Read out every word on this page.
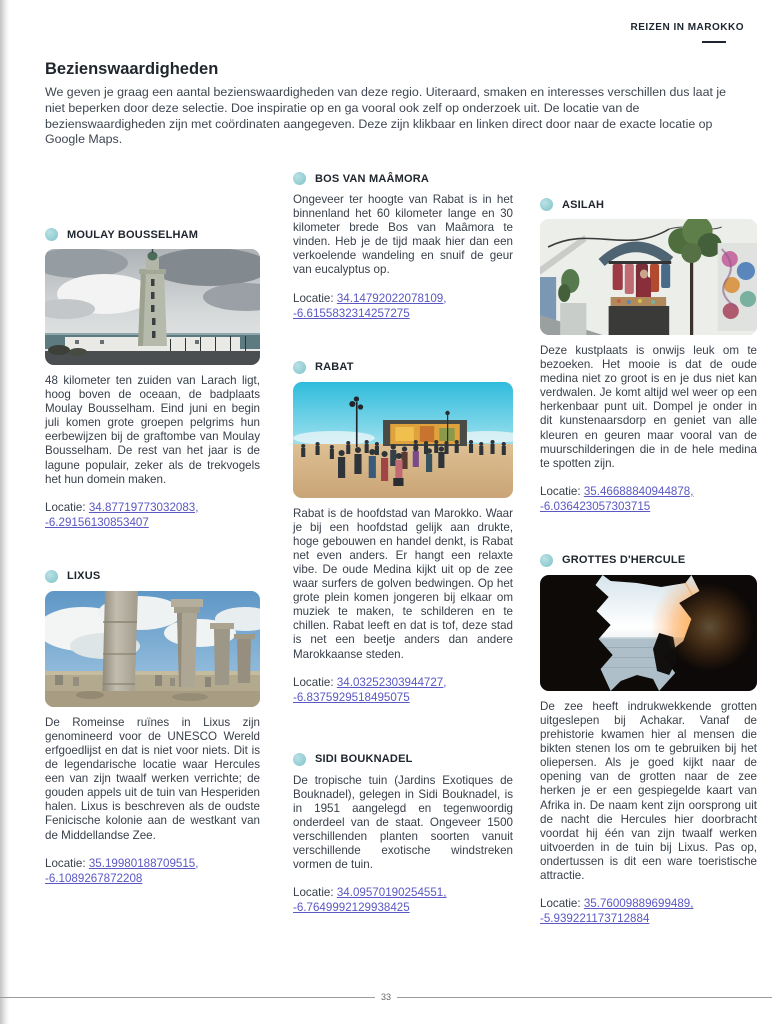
REIZEN IN MAROKKO
Bezienswaardigheden

We geven je graag een aantal bezienswaardigheden van deze regio. Uiteraard, smaken en interesses verschillen dus laat je niet beperken door deze selectie. Doe inspiratie op en ga vooral ook zelf op onderzoek uit. De locatie van de bezienswaardigheden zijn met coördinaten aangegeven. Deze zijn klikbaar en linken direct door naar de exacte locatie op Google Maps.

MOULAY BOUSSELHAM

48 kilometer ten zuiden van Larach ligt, hoog boven de oceaan, de badplaats Moulay Bousselham. Eind juni en begin juli komen grote groepen pelgrims hun eerbewijzen bij de graftombe van Moulay Bousselham. De rest van het jaar is de lagune populair, zeker als de trekvogels het hun domein maken.

Locatie: 34.87719773032083, -6.29156130853407

LIXUS

De Romeinse ruïnes in Lixus zijn genomineerd voor de UNESCO Wereld erfgoedlijst en dat is niet voor niets. Dit is de legendarische locatie waar Hercules een van zijn twaalf werken verrichte; de gouden appels uit de tuin van Hesperiden halen. Lixus is beschreven als de oudste Fenicische kolonie aan de westkant van de Middellandse Zee.

Locatie: 35.19980188709515, -6.1089267872208

BOS VAN MAÂMORA

Ongeveer ter hoogte van Rabat is in het binnenland het 60 kilometer lange en 30 kilometer brede Bos van Maâmora te vinden. Heb je de tijd maak hier dan een verkoelende wandeling en snuif de geur van eucalyptus op.

Locatie: 34.14792022078109, -6.6155832314257275

RABAT

Rabat is de hoofdstad van Marokko. Waar je bij een hoofdstad gelijk aan drukte, hoge gebouwen en handel denkt, is Rabat net even anders. Er hangt een relaxte vibe. De oude Medina kijkt uit op de zee waar surfers de golven bedwingen. Op het grote plein komen jongeren bij elkaar om muziek te maken, te schilderen en te chillen. Rabat leeft en dat is tof, deze stad is net een beetje anders dan andere Marokkaanse steden.

Locatie: 34.03252303944727, -6.8375929518495075

SIDI BOUKNADEL

De tropische tuin (Jardins Exotiques de Bouknadel), gelegen in Sidi Bouknadel, is in 1951 aangelegd en tegenwoordig onderdeel van de staat. Ongeveer 1500 verschillenden planten soorten vanuit verschillende exotische windstreken vormen de tuin.

Locatie: 34.09570190254551, -6.7649992129938425

ASILAH

Deze kustplaats is onwijs leuk om te bezoeken. Het mooie is dat de oude medina niet zo groot is en je dus niet kan verdwalen. Je komt altijd wel weer op een herkenbaar punt uit. Dompel je onder in dit kunstenaarsdorp en geniet van alle kleuren en geuren maar vooral van de muurschilderingen die in de hele medina te spotten zijn.

Locatie: 35.46688840944878, -6.036423057303715

GROTTES D'HERCULE

De zee heeft indrukwekkende grotten uitgeslepen bij Achakar. Vanaf de prehistorie kwamen hier al mensen die bikten stenen los om te gebruiken bij het oliepersen. Als je goed kijkt naar de opening van de grotten naar de zee herken je er een gespiegelde kaart van Afrika in. De naam kent zijn oorsprong uit de nacht die Hercules hier doorbracht voordat hij één van zijn twaalf werken uitvoerden in de tuin bij Lixus. Pas op, ondertussen is dit een ware toeristische attractie.

Locatie: 35.76009889699489, -5.939221173712884

33
